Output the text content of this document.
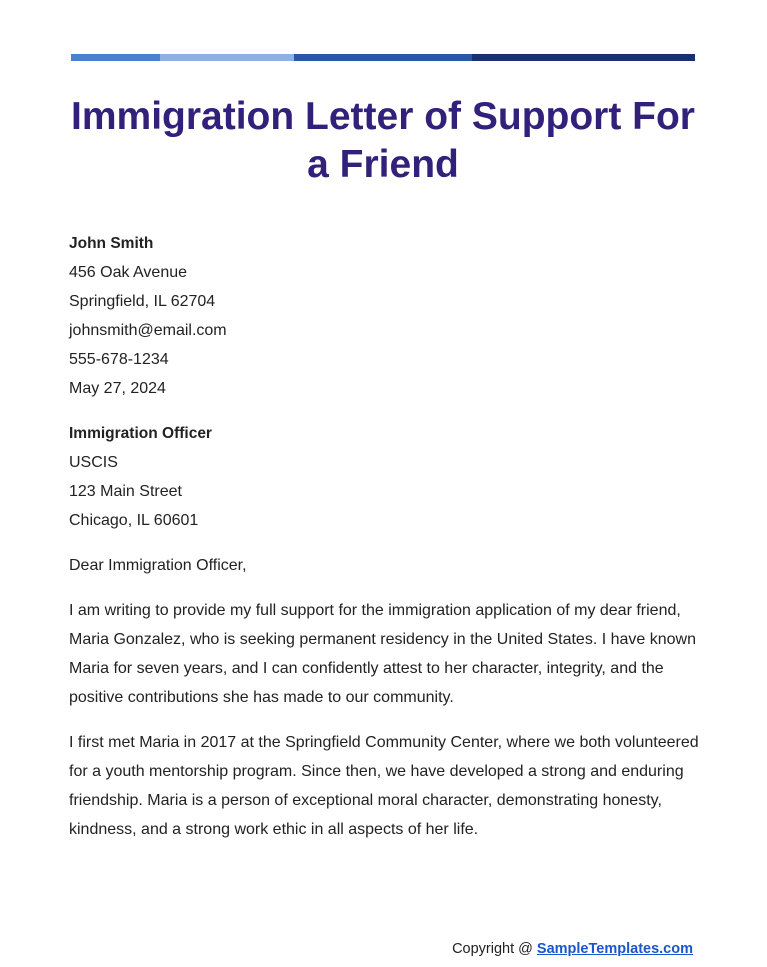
Immigration Letter of Support For a Friend
John Smith
456 Oak Avenue
Springfield, IL 62704
johnsmith@email.com
555-678-1234
May 27, 2024
Immigration Officer
USCIS
123 Main Street
Chicago, IL 60601
Dear Immigration Officer,

I am writing to provide my full support for the immigration application of my dear friend, Maria Gonzalez, who is seeking permanent residency in the United States. I have known Maria for seven years, and I can confidently attest to her character, integrity, and the positive contributions she has made to our community.

I first met Maria in 2017 at the Springfield Community Center, where we both volunteered for a youth mentorship program. Since then, we have developed a strong and enduring friendship. Maria is a person of exceptional moral character, demonstrating honesty, kindness, and a strong work ethic in all aspects of her life.

Copyright @ SampleTemplates.com
